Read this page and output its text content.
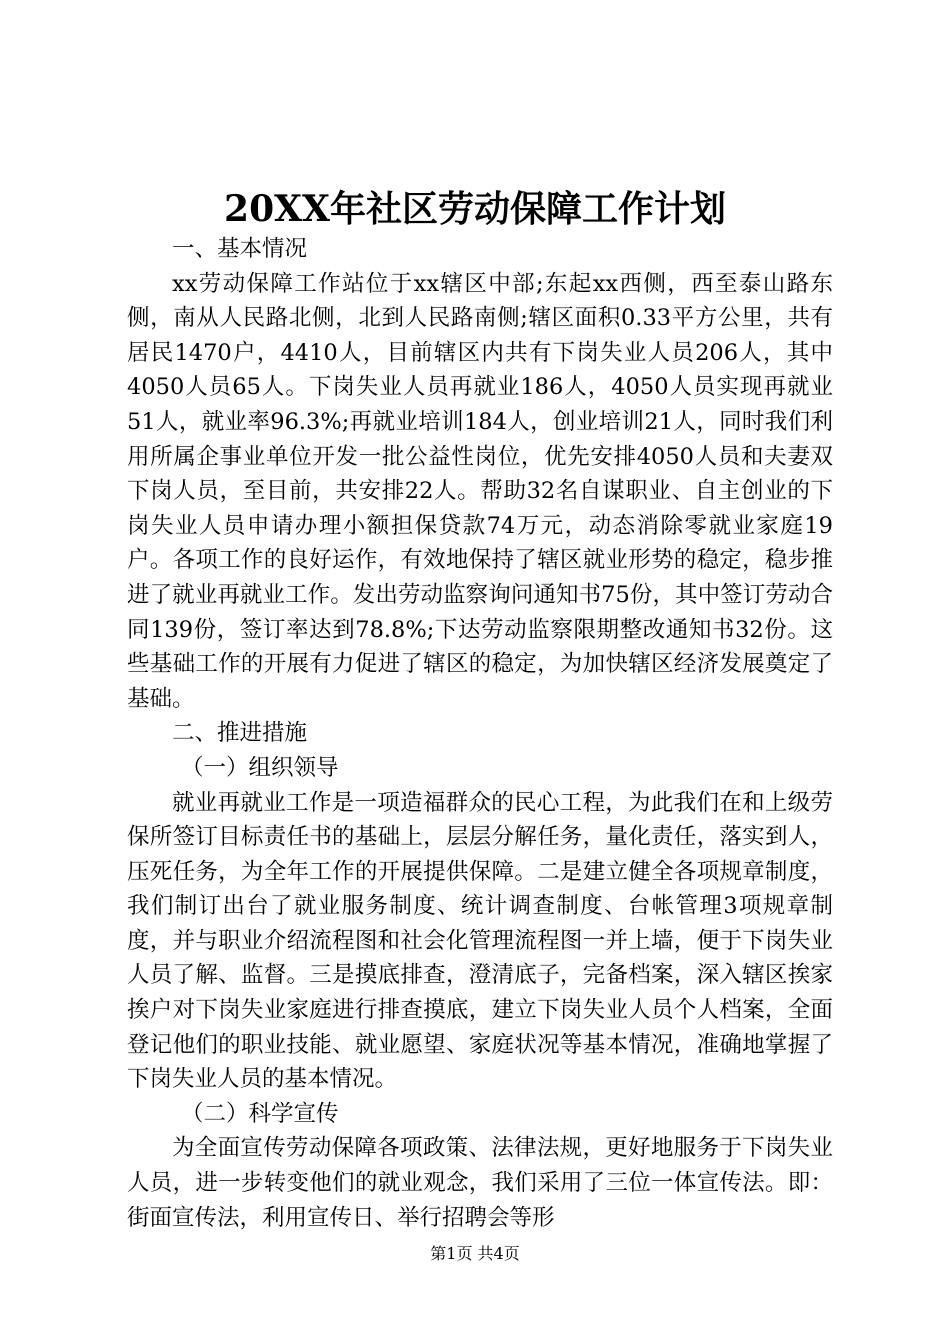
20XX年社区劳动保障工作计划

一、基本情况

xx劳动保障工作站位于xx辖区中部;东起xx西侧，西至泰山路东侧，南从人民路北侧，北到人民路南侧;辖区面积0.33平方公里，共有居民1470户，4410人，目前辖区内共有下岗失业人员206人，其中4050人员65人。下岗失业人员再就业186人，4050人员实现再就业51人，就业率96.3%;再就业培训184人，创业培训21人，同时我们利用所属企事业单位开发一批公益性岗位，优先安排4050人员和夫妻双下岗人员，至目前，共安排22人。帮助32名自谋职业、自主创业的下岗失业人员申请办理小额担保贷款74万元，动态消除零就业家庭19户。各项工作的良好运作，有效地保持了辖区就业形势的稳定，稳步推进了就业再就业工作。发出劳动监察询问通知书75份，其中签订劳动合同139份，签订率达到78.8%;下达劳动监察限期整改通知书32份。这些基础工作的开展有力促进了辖区的稳定，为加快辖区经济发展奠定了基础。

二、推进措施

（一）组织领导

就业再就业工作是一项造福群众的民心工程，为此我们在和上级劳保所签订目标责任书的基础上，层层分解任务，量化责任，落实到人，压死任务，为全年工作的开展提供保障。二是建立健全各项规章制度，我们制订出台了就业服务制度、统计调查制度、台帐管理3项规章制度，并与职业介绍流程图和社会化管理流程图一并上墙，便于下岗失业人员了解、监督。三是摸底排查，澄清底子，完备档案，深入辖区挨家挨户对下岗失业家庭进行排查摸底，建立下岗失业人员个人档案，全面登记他们的职业技能、就业愿望、家庭状况等基本情况，准确地掌握了下岗失业人员的基本情况。

（二）科学宣传

为全面宣传劳动保障各项政策、法律法规，更好地服务于下岗失业人员，进一步转变他们的就业观念，我们采用了三位一体宣传法。即：街面宣传法，利用宣传日、举行招聘会等形

第1页 共4页
